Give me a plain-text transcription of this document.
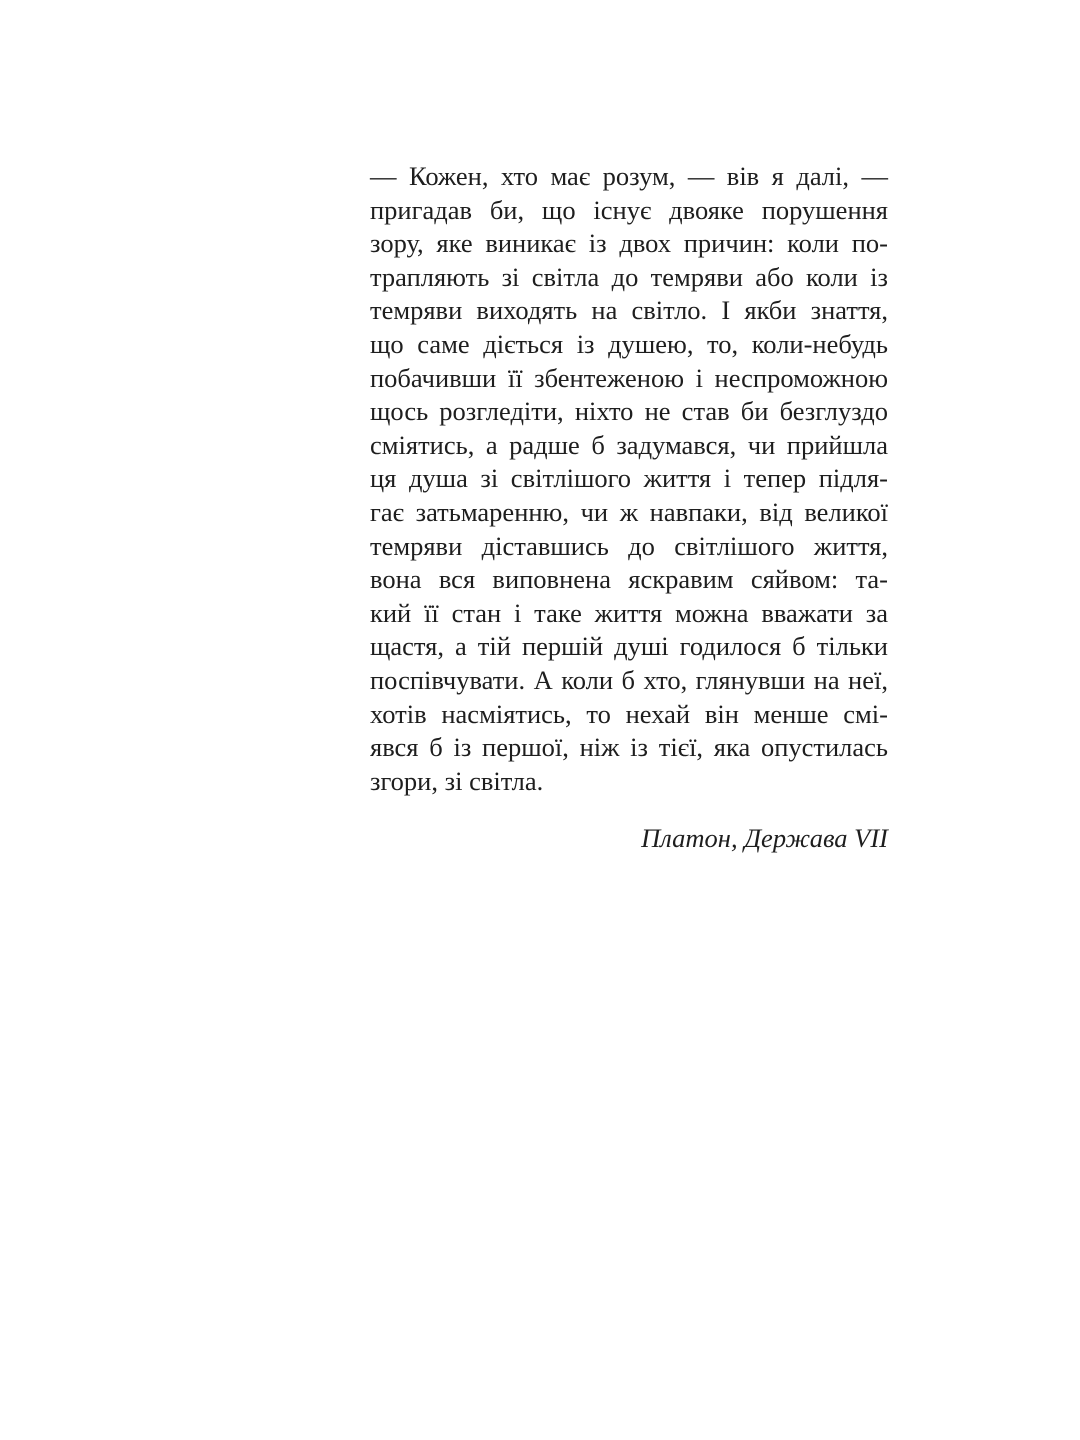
— Кожен, хто має розум, — вів я далі, —
пригадав би, що існує двояке порушення
зору, яке виникає із двох причин: коли по-
трапляють зі світла до темряви або коли із
темряви виходять на світло. І якби знаття,
що саме діється із душею, то, коли-небудь
побачивши її збентеженою і неспроможною
щось розгледіти, ніхто не став би безглуздо
сміятись, а радше б задумався, чи прийшла
ця душа зі світлішого життя і тепер підля-
гає затьмаренню, чи ж навпаки, від великої
темряви діставшись до світлішого життя,
вона вся виповнена яскравим сяйвом: та-
кий її стан і таке життя можна вважати за
щастя, а тій першій душі годилося б тільки
поспівчувати. А коли б хто, глянувши на неї,
хотів насміятись, то нехай він менше смі-
явся б із першої, ніж із тієї, яка опустилась
згори, зі світла.
Платон, Держава VII
